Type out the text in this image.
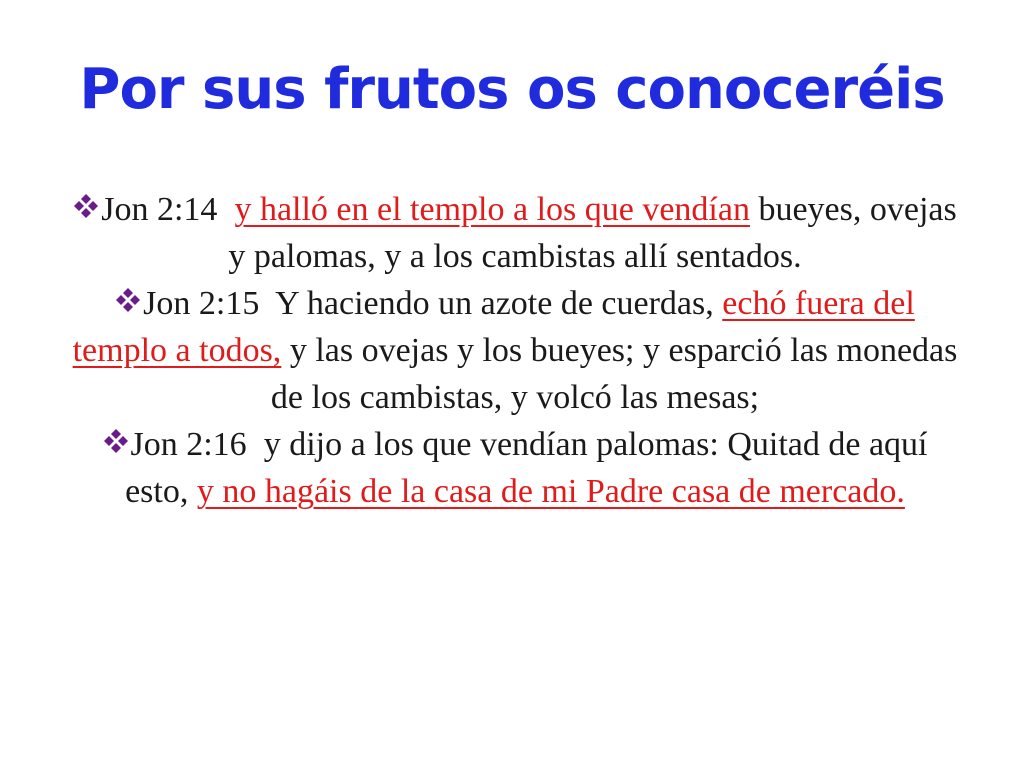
Por sus frutos os conoceréis

Jon 2:14 y halló en el templo a los que vendían bueyes, ovejas y palomas, y a los cambistas allí sentados.

Jon 2:15 Y haciendo un azote de cuerdas, echó fuera del templo a todos, y las ovejas y los bueyes; y esparció las monedas de los cambistas, y volcó las mesas;

Jon 2:16 y dijo a los que vendían palomas: Quitad de aquí esto, y no hagáis de la casa de mi Padre casa de mercado.
